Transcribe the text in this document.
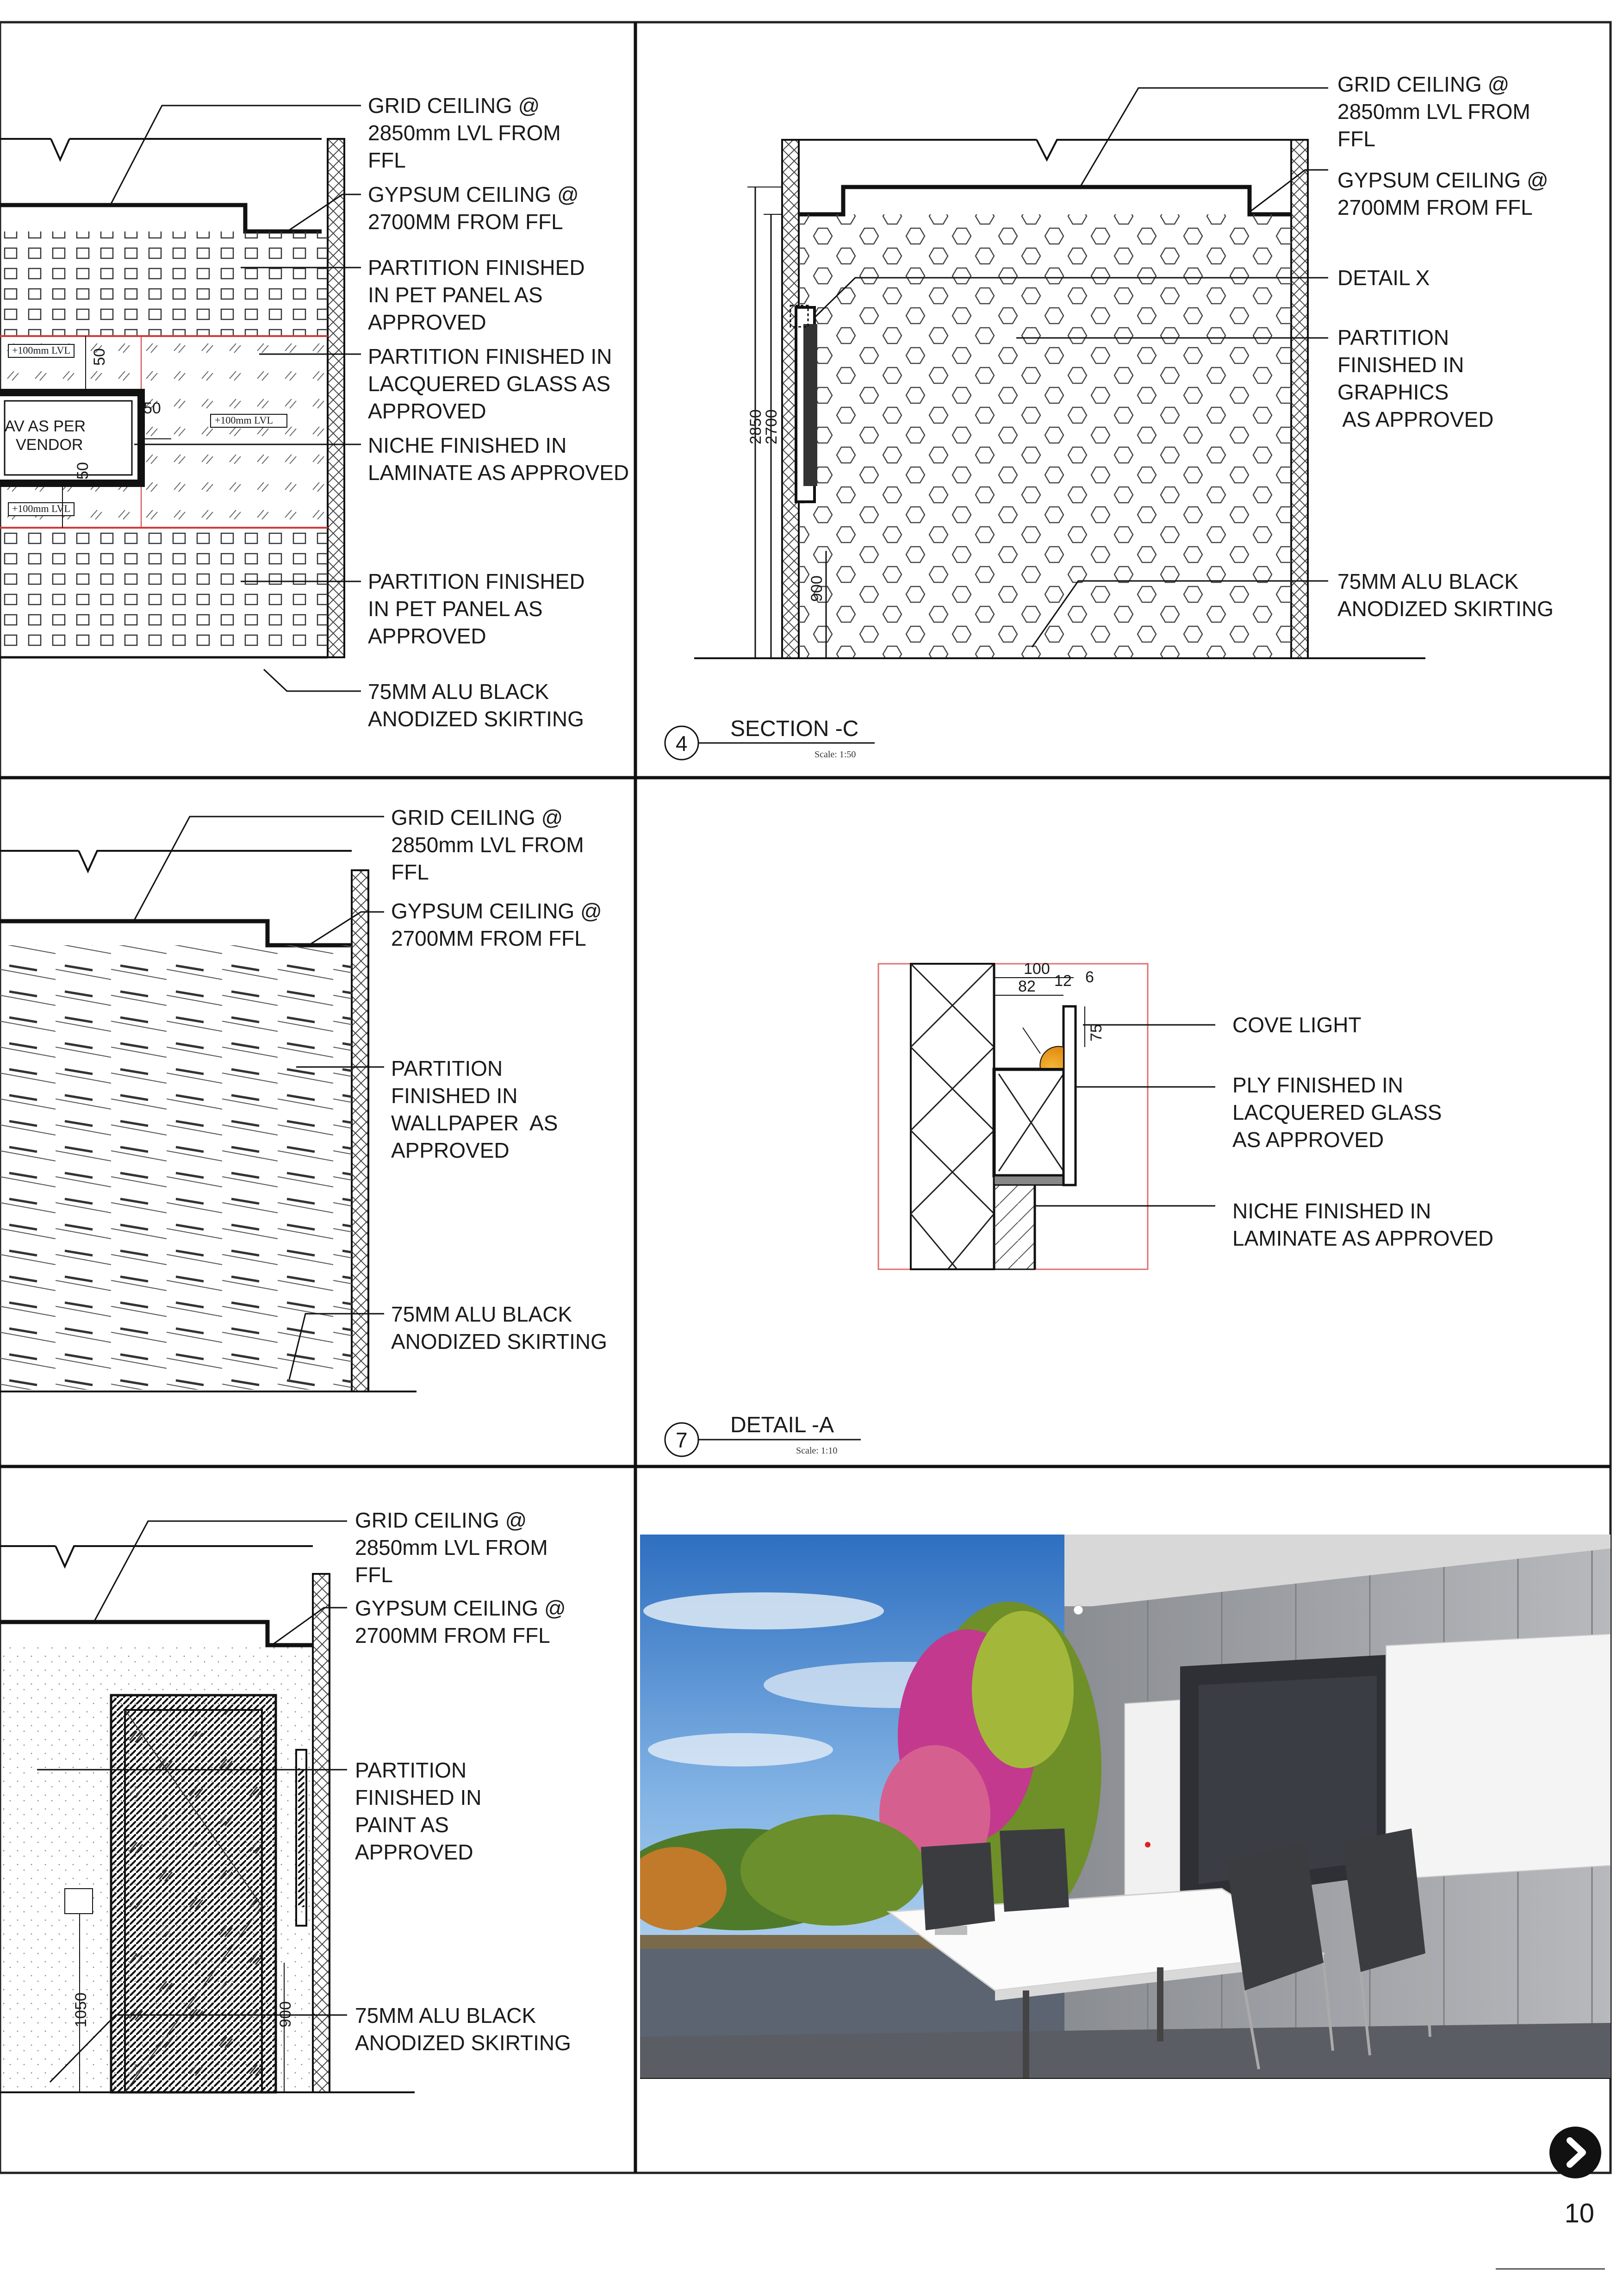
+100mm LVL
+100mm LVL
+100mm LVL
50
50
50
AV AS PER
VENDOR
GRID CEILING @
2850mm LVL FROM
FFL
GYPSUM CEILING @
2700MM FROM FFL
PARTITION FINISHED
IN PET PANEL AS
APPROVED
PARTITION FINISHED IN
LACQUERED GLASS AS
APPROVED
NICHE FINISHED IN
LAMINATE AS APPROVED
PARTITION FINISHED
IN PET PANEL AS
APPROVED
75MM ALU BLACK
ANODIZED SKIRTING
2850
2700
900
GRID CEILING @
2850mm LVL FROM
FFL
GYPSUM CEILING @
2700MM FROM FFL
DETAIL X
PARTITION
FINISHED IN
GRAPHICS
AS APPROVED
75MM ALU BLACK
ANODIZED SKIRTING
4
SECTION -C
Scale: 1:50
GRID CEILING @
2850mm LVL FROM
FFL
GYPSUM CEILING @
2700MM FROM FFL
PARTITION
FINISHED IN
WALLPAPER  AS
APPROVED
75MM ALU BLACK
ANODIZED SKIRTING
100
82 12 6
75	COVE LIGHT
PLY FINISHED IN
LACQUERED GLASS
AS APPROVED
NICHE FINISHED IN
LAMINATE AS APPROVED
7
DETAIL -A
Scale: 1:10
1050	900
GRID CEILING @
2850mm LVL FROM
FFL
GYPSUM CEILING @
2700MM FROM FFL
PARTITION
FINISHED IN
PAINT AS
APPROVED
75MM ALU BLACK
ANODIZED SKIRTING
10
